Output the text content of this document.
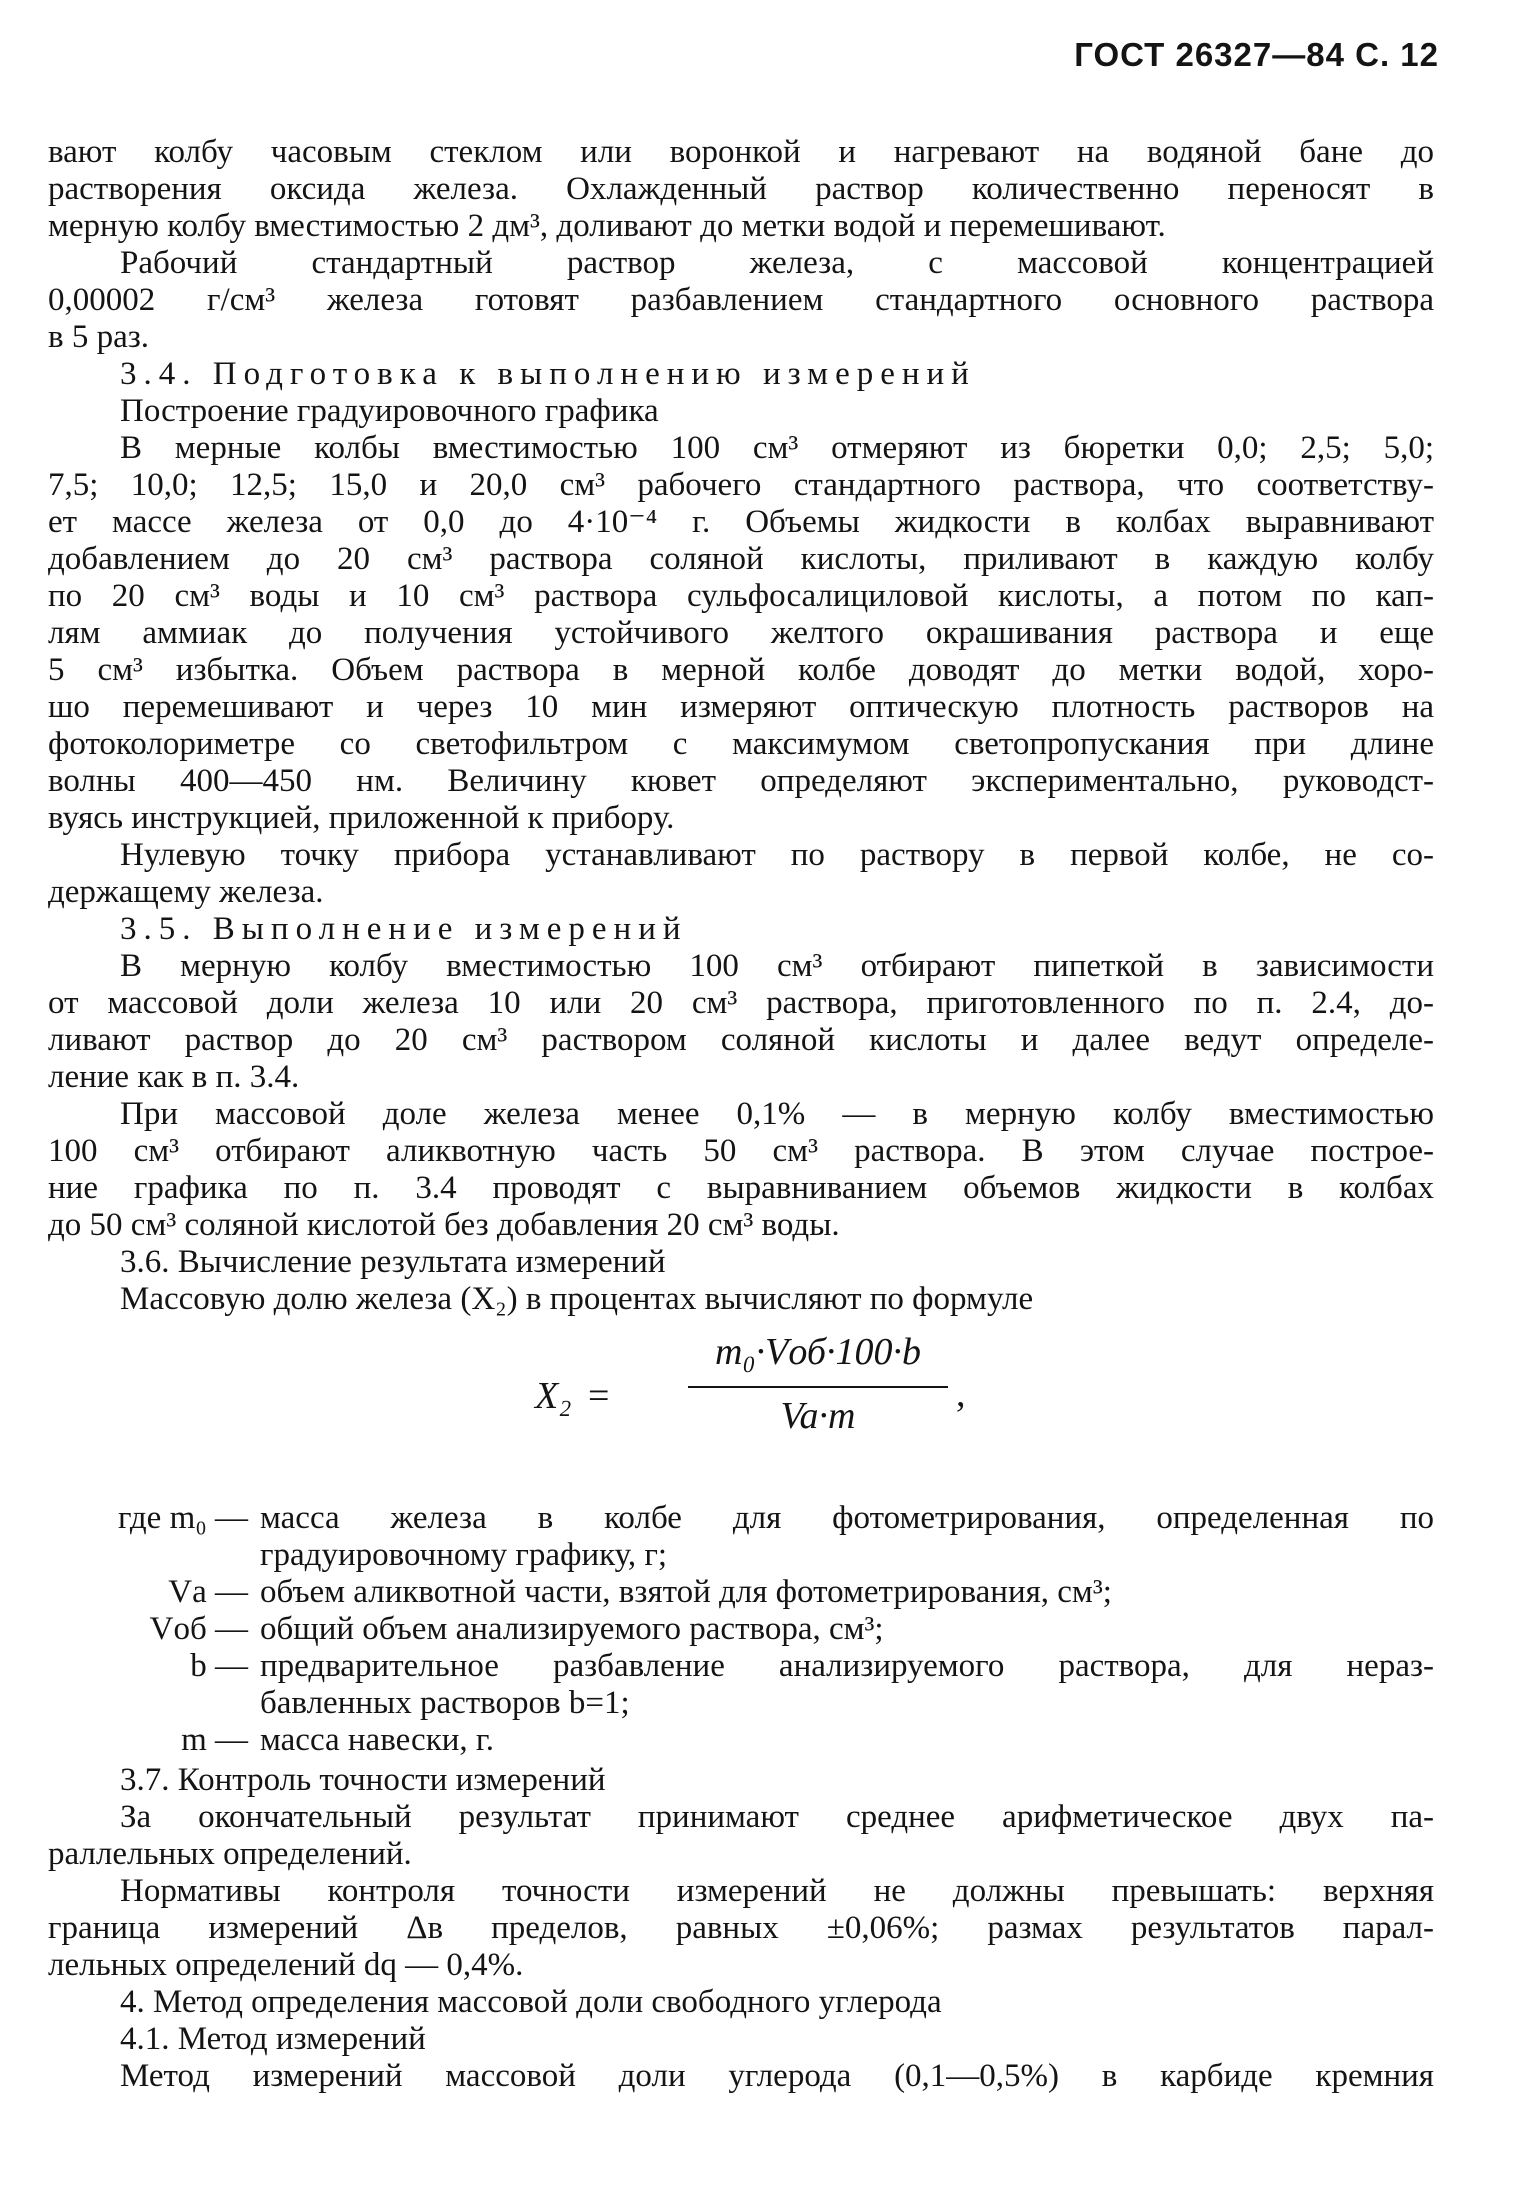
ГОСТ 26327—84 С. 12

вают колбу часовым стеклом или воронкой и нагревают на водяной бане до

растворения оксида железа. Охлажденный раствор количественно переносят в

мерную колбу вместимостью 2 дм³, доливают до метки водой и перемешивают.

Рабочий стандартный раствор железа, с массовой концентрацией

0,00002 г/см³ железа готовят разбавлением стандартного основного раствора

в 5 раз.

3.4. Подготовка к выполнению измерений

Построение градуировочного графика

В мерные колбы вместимостью 100 см³ отмеряют из бюретки 0,0; 2,5; 5,0;

7,5; 10,0; 12,5; 15,0 и 20,0 см³ рабочего стандартного раствора, что соответству-

ет массе железа от 0,0 до 4·10⁻⁴ г. Объемы жидкости в колбах выравнивают

добавлением до 20 см³ раствора соляной кислоты, приливают в каждую колбу

по 20 см³ воды и 10 см³ раствора сульфосалициловой кислоты, а потом по кап-

лям аммиак до получения устойчивого желтого окрашивания раствора и еще

5 см³ избытка. Объем раствора в мерной колбе доводят до метки водой, хоро-

шо перемешивают и через 10 мин измеряют оптическую плотность растворов на

фотоколориметре со светофильтром с максимумом светопропускания при длине

волны 400—450 нм. Величину кювет определяют экспериментально, руководст-

вуясь инструкцией, приложенной к прибору.

Нулевую точку прибора устанавливают по раствору в первой колбе, не со-

держащему железа.

3.5. Выполнение измерений

В мерную колбу вместимостью 100 см³ отбирают пипеткой в зависимости

от массовой доли железа 10 или 20 см³ раствора, приготовленного по п. 2.4, до-

ливают раствор до 20 см³ раствором соляной кислоты и далее ведут определе-

ление как в п. 3.4.

При массовой доле железа менее 0,1% — в мерную колбу вместимостью

100 см³ отбирают аликвотную часть 50 см³ раствора. В этом случае построе-

ние графика по п. 3.4 проводят с выравниванием объемов жидкости в колбах

до 50 см³ соляной кислотой без добавления 20 см³ воды.

3.6. Вычисление результата измерений

Массовую долю железа (X₂) в процентах вычисляют по формуле

X₂ =
m₀·Vоб·100·b
Va·m
,
где m₀ — масса железа в колбе для фотометрирования, определенная по

градуировочному графику, г;

Vа — объем аликвотной части, взятой для фотометрирования, см³;

Vоб — общий объем анализируемого раствора, см³;

b — предварительное разбавление анализируемого раствора, для нераз-

бавленных растворов b=1;

m — масса навески, г.

3.7. Контроль точности измерений

За окончательный результат принимают среднее арифметическое двух па-

раллельных определений.

Нормативы контроля точности измерений не должны превышать: верхняя

граница измерений Δв пределов, равных ±0,06%; размах результатов парал-

лельных определений dq — 0,4%.

4. Метод определения массовой доли свободного углерода

4.1. Метод измерений

Метод измерений массовой доли углерода (0,1—0,5%) в карбиде кремния
